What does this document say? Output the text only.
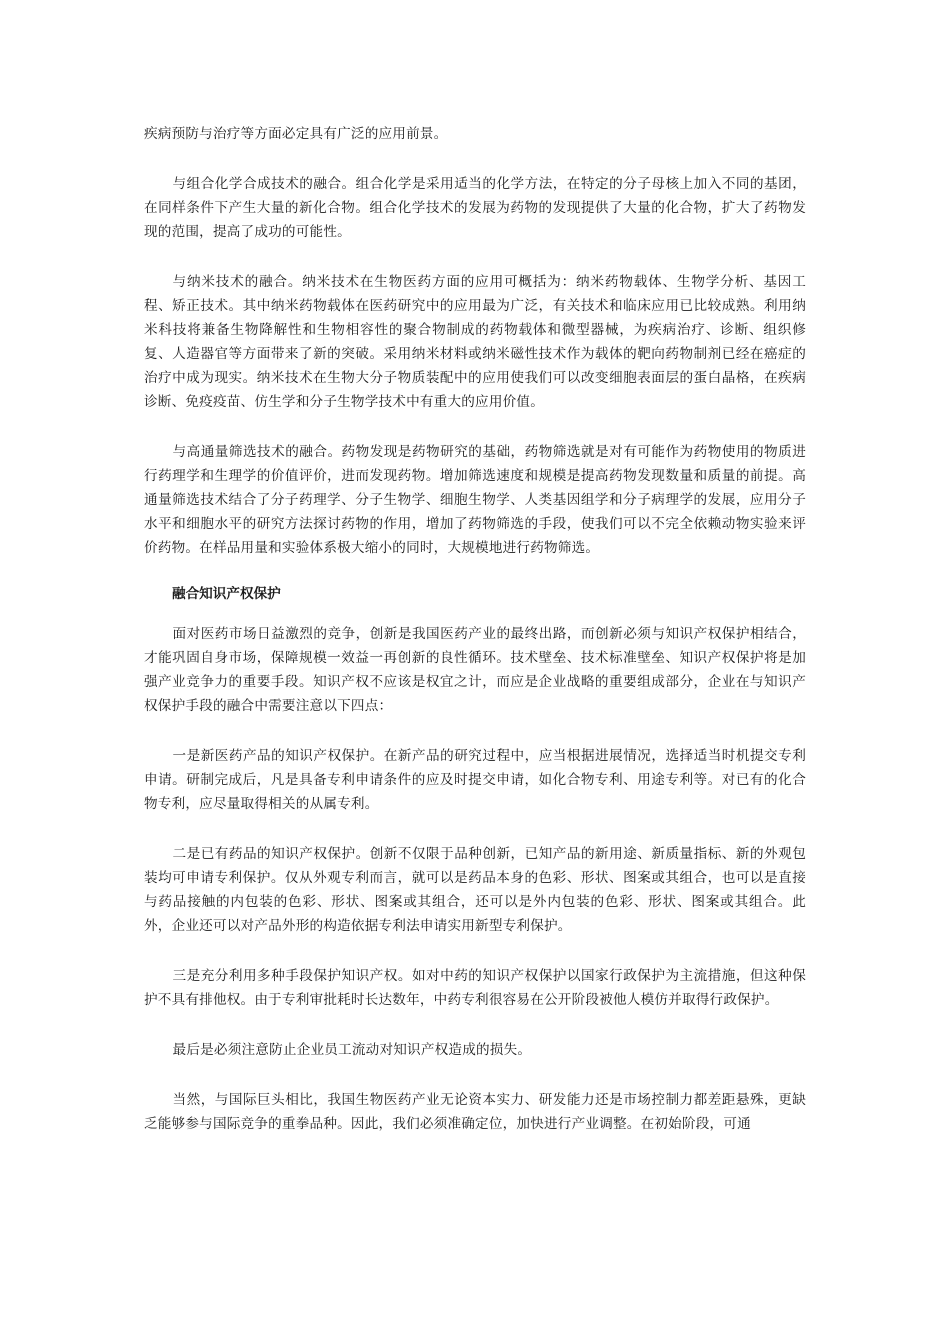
疾病预防与治疗等方面必定具有广泛的应用前景。

与组合化学合成技术的融合。组合化学是采用适当的化学方法，在特定的分子母核上加入不同的基团，在同样条件下产生大量的新化合物。组合化学技术的发展为药物的发现提供了大量的化合物，扩大了药物发现的范围，提高了成功的可能性。

与纳米技术的融合。纳米技术在生物医药方面的应用可概括为：纳米药物载体、生物学分析、基因工程、矫正技术。其中纳米药物载体在医药研究中的应用最为广泛，有关技术和临床应用已比较成熟。利用纳米科技将兼备生物降解性和生物相容性的聚合物制成的药物载体和微型器械，为疾病治疗、诊断、组织修复、人造器官等方面带来了新的突破。采用纳米材料或纳米磁性技术作为载体的靶向药物制剂已经在癌症的治疗中成为现实。纳米技术在生物大分子物质装配中的应用使我们可以改变细胞表面层的蛋白晶格，在疾病诊断、免疫疫苗、仿生学和分子生物学技术中有重大的应用价值。

与高通量筛选技术的融合。药物发现是药物研究的基础，药物筛选就是对有可能作为药物使用的物质进行药理学和生理学的价值评价，进而发现药物。增加筛选速度和规模是提高药物发现数量和质量的前提。高通量筛选技术结合了分子药理学、分子生物学、细胞生物学、人类基因组学和分子病理学的发展，应用分子水平和细胞水平的研究方法探讨药物的作用，增加了药物筛选的手段，使我们可以不完全依赖动物实验来评价药物。在样品用量和实验体系极大缩小的同时，大规模地进行药物筛选。

融合知识产权保护

面对医药市场日益激烈的竞争，创新是我国医药产业的最终出路，而创新必须与知识产权保护相结合，才能巩固自身市场，保障规模一效益一再创新的良性循环。技术壁垒、技术标准壁垒、知识产权保护将是加强产业竞争力的重要手段。知识产权不应该是权宜之计，而应是企业战略的重要组成部分，企业在与知识产权保护手段的融合中需要注意以下四点：

一是新医药产品的知识产权保护。在新产品的研究过程中，应当根据进展情况，选择适当时机提交专利申请。研制完成后，凡是具备专利申请条件的应及时提交申请，如化合物专利、用途专利等。对已有的化合物专利，应尽量取得相关的从属专利。

二是已有药品的知识产权保护。创新不仅限于品种创新，已知产品的新用途、新质量指标、新的外观包装均可申请专利保护。仅从外观专利而言，就可以是药品本身的色彩、形状、图案或其组合，也可以是直接与药品接触的内包装的色彩、形状、图案或其组合，还可以是外内包装的色彩、形状、图案或其组合。此外，企业还可以对产品外形的构造依据专利法申请实用新型专利保护。

三是充分利用多种手段保护知识产权。如对中药的知识产权保护以国家行政保护为主流措施，但这种保护不具有排他权。由于专利审批耗时长达数年，中药专利很容易在公开阶段被他人模仿并取得行政保护。

最后是必须注意防止企业员工流动对知识产权造成的损失。

当然，与国际巨头相比，我国生物医药产业无论资本实力、研发能力还是市场控制力都差距悬殊，更缺乏能够参与国际竞争的重拳品种。因此，我们必须准确定位，加快进行产业调整。在初始阶段，可通
